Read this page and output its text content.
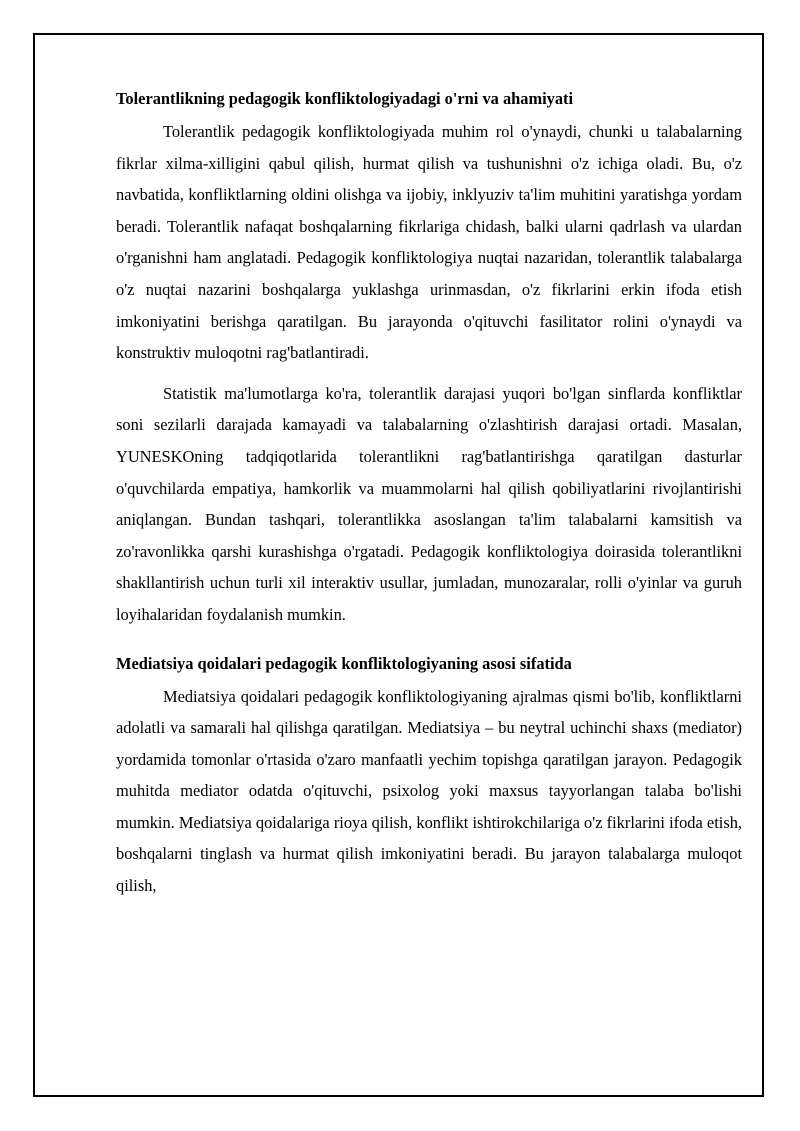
Tolerantlikning pedagogik konfliktologiyadagi o'rni va ahamiyati

Tolerantlik pedagogik konfliktologiyada muhim rol o'ynaydi, chunki u talabalarning fikrlar xilma-xilligini qabul qilish, hurmat qilish va tushunishni o'z ichiga oladi. Bu, o'z navbatida, konfliktlarning oldini olishga va ijobiy, inklyuziv ta'lim muhitini yaratishga yordam beradi. Tolerantlik nafaqat boshqalarning fikrlariga chidash, balki ularni qadrlash va ulardan o'rganishni ham anglatadi. Pedagogik konfliktologiya nuqtai nazaridan, tolerantlik talabalarga o'z nuqtai nazarini boshqalarga yuklashga urinmasdan, o'z fikrlarini erkin ifoda etish imkoniyatini berishga qaratilgan. Bu jarayonda o'qituvchi fasilitator rolini o'ynaydi va konstruktiv muloqotni rag'batlantiradi.

Statistik ma'lumotlarga ko'ra, tolerantlik darajasi yuqori bo'lgan sinflarda konfliktlar soni sezilarli darajada kamayadi va talabalarning o'zlashtirish darajasi ortadi. Masalan, YUNESKOning tadqiqotlarida tolerantlikni rag'batlantirishga qaratilgan dasturlar o'quvchilarda empatiya, hamkorlik va muammolarni hal qilish qobiliyatlarini rivojlantirishi aniqlangan. Bundan tashqari, tolerantlikka asoslangan ta'lim talabalarni kamsitish va zo'ravonlikka qarshi kurashishga o'rgatadi. Pedagogik konfliktologiya doirasida tolerantlikni shakllantirish uchun turli xil interaktiv usullar, jumladan, munozaralar, rolli o'yinlar va guruh loyihalaridan foydalanish mumkin.

Mediatsiya qoidalari pedagogik konfliktologiyaning asosi sifatida

Mediatsiya qoidalari pedagogik konfliktologiyaning ajralmas qismi bo'lib, konfliktlarni adolatli va samarali hal qilishga qaratilgan. Mediatsiya – bu neytral uchinchi shaxs (mediator) yordamida tomonlar o'rtasida o'zaro manfaatli yechim topishga qaratilgan jarayon. Pedagogik muhitda mediator odatda o'qituvchi, psixolog yoki maxsus tayyorlangan talaba bo'lishi mumkin. Mediatsiya qoidalariga rioya qilish, konflikt ishtirokchilariga o'z fikrlarini ifoda etish, boshqalarni tinglash va hurmat qilish imkoniyatini beradi. Bu jarayon talabalarga muloqot qilish,
